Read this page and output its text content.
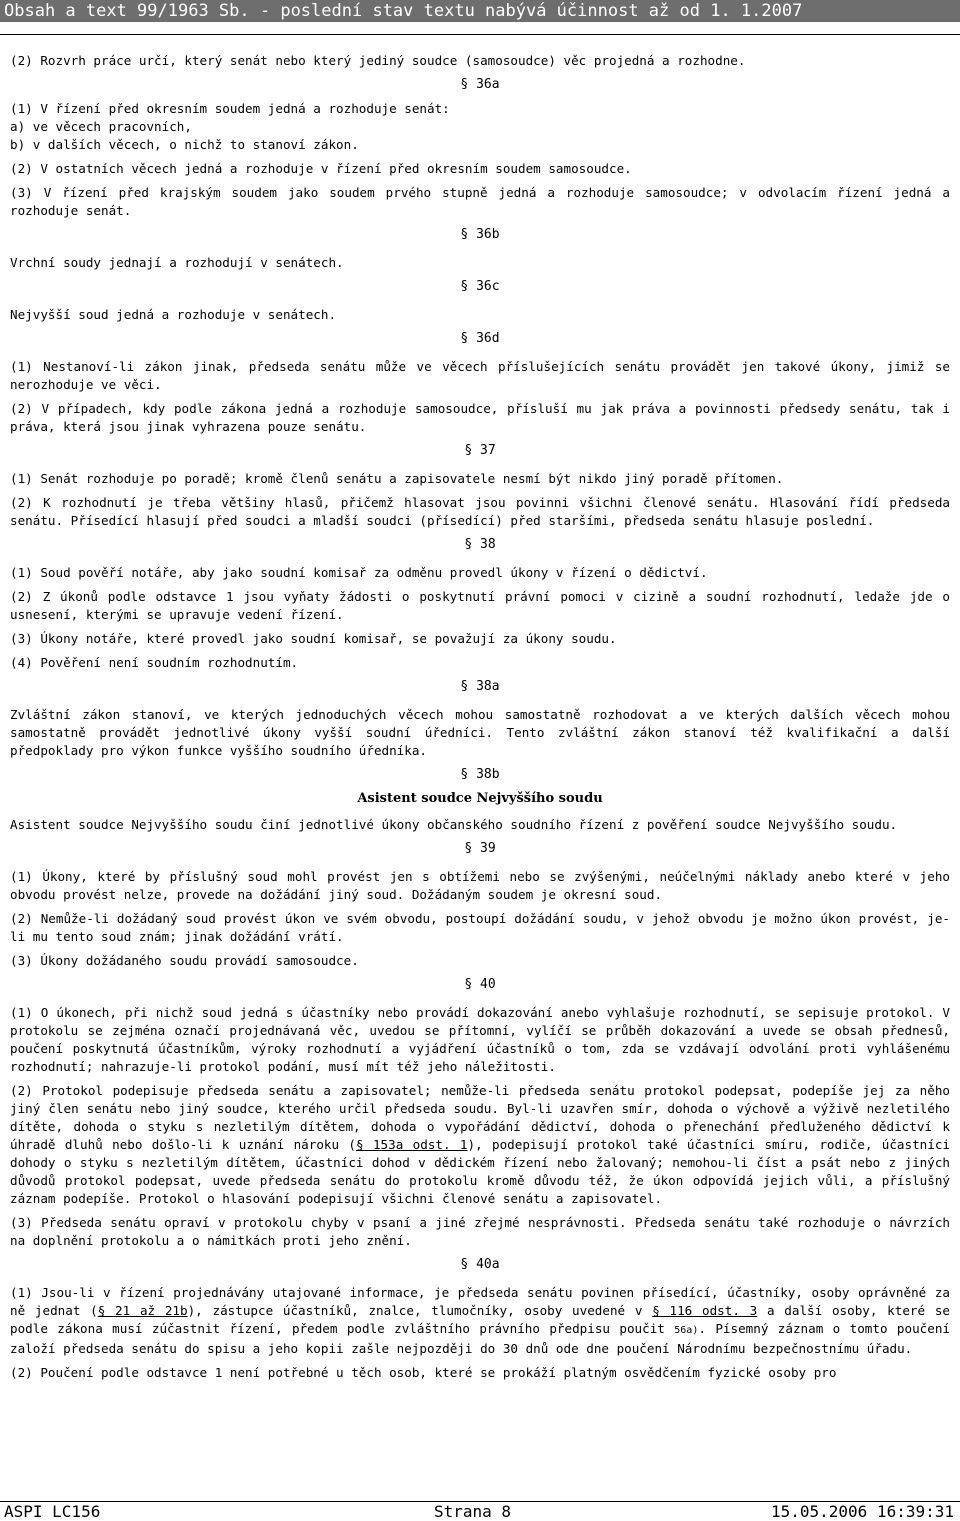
Obsah a text 99/1963 Sb. - poslední stav textu nabývá účinnost až od 1. 1.2007

(2) Rozvrh práce určí, který senát nebo který jediný soudce (samosoudce) věc projedná a rozhodne.

§ 36a

(1) V řízení před okresním soudem jedná a rozhoduje senát:

a) ve věcech pracovních,

b) v dalších věcech, o nichž to stanoví zákon.

(2) V ostatních věcech jedná a rozhoduje v řízení před okresním soudem samosoudce.

(3) V řízení před krajským soudem jako soudem prvého stupně jedná a rozhoduje samosoudce; v odvolacím řízení jedná a rozhoduje senát.

§ 36b

Vrchní soudy jednají a rozhodují v senátech.

§ 36c

Nejvyšší soud jedná a rozhoduje v senátech.

§ 36d

(1) Nestanoví-li zákon jinak, předseda senátu může ve věcech příslušejících senátu provádět jen takové úkony, jimiž se nerozhoduje ve věci.

(2) V případech, kdy podle zákona jedná a rozhoduje samosoudce, přísluší mu jak práva a povinnosti předsedy senátu, tak i práva, která jsou jinak vyhrazena pouze senátu.

§ 37

(1) Senát rozhoduje po poradě; kromě členů senátu a zapisovatele nesmí být nikdo jiný poradě přítomen.

(2) K rozhodnutí je třeba většiny hlasů, přičemž hlasovat jsou povinni všichni členové senátu. Hlasování řídí předseda senátu. Přísedící hlasují před soudci a mladší soudci (přísedící) před staršími, předseda senátu hlasuje poslední.

§ 38

(1) Soud pověří notáře, aby jako soudní komisař za odměnu provedl úkony v řízení o dědictví.

(2) Z úkonů podle odstavce 1 jsou vyňaty žádosti o poskytnutí právní pomoci v cizině a soudní rozhodnutí, ledaže jde o usnesení, kterými se upravuje vedení řízení.

(3) Úkony notáře, které provedl jako soudní komisař, se považují za úkony soudu.

(4) Pověření není soudním rozhodnutím.

§ 38a

Zvláštní zákon stanoví, ve kterých jednoduchých věcech mohou samostatně rozhodovat a ve kterých dalších věcech mohou samostatně provádět jednotlivé úkony vyšší soudní úředníci. Tento zvláštní zákon stanoví též kvalifikační a další předpoklady pro výkon funkce vyššího soudního úředníka.

§ 38b
Asistent soudce Nejvyššího soudu

Asistent soudce Nejvyššího soudu činí jednotlivé úkony občanského soudního řízení z pověření soudce Nejvyššího soudu.

§ 39

(1) Úkony, které by příslušný soud mohl provést jen s obtížemi nebo se zvýšenými, neúčelnými náklady anebo které v jeho obvodu provést nelze, provede na dožádání jiný soud. Dožádaným soudem je okresní soud.

(2) Nemůže-li dožádaný soud provést úkon ve svém obvodu, postoupí dožádání soudu, v jehož obvodu je možno úkon provést, je-li mu tento soud znám; jinak dožádání vrátí.

(3) Úkony dožádaného soudu provádí samosoudce.

§ 40

(1) O úkonech, při nichž soud jedná s účastníky nebo provádí dokazování anebo vyhlašuje rozhodnutí, se sepisuje protokol. V protokolu se zejména označí projednávaná věc, uvedou se přítomní, vylíčí se průběh dokazování a uvede se obsah přednesů, poučení poskytnutá účastníkům, výroky rozhodnutí a vyjádření účastníků o tom, zda se vzdávají odvolání proti vyhlášenému rozhodnutí; nahrazuje-li protokol podání, musí mít též jeho náležitosti.

(2) Protokol podepisuje předseda senátu a zapisovatel; nemůže-li předseda senátu protokol podepsat, podepíše jej za něho jiný člen senátu nebo jiný soudce, kterého určil předseda soudu. Byl-li uzavřen smír, dohoda o výchově a výživě nezletilého dítěte, dohoda o styku s nezletilým dítětem, dohoda o vypořádání dědictví, dohoda o přenechání předluženého dědictví k úhradě dluhů nebo došlo-li k uznání nároku (§ 153a odst. 1), podepisují protokol také účastníci smíru, rodiče, účastníci dohody o styku s nezletilým dítětem, účastníci dohod v dědickém řízení nebo žalovaný; nemohou-li číst a psát nebo z jiných důvodů protokol podepsat, uvede předseda senátu do protokolu kromě důvodu též, že úkon odpovídá jejich vůli, a příslušný záznam podepíše. Protokol o hlasování podepisují všichni členové senátu a zapisovatel.

(3) Předseda senátu opraví v protokolu chyby v psaní a jiné zřejmé nesprávnosti. Předseda senátu také rozhoduje o návrzích na doplnění protokolu a o námitkách proti jeho znění.

§ 40a

(1) Jsou-li v řízení projednávány utajované informace, je předseda senátu povinen přísedící, účastníky, osoby oprávněné za ně jednat (§ 21 až 21b), zástupce účastníků, znalce, tlumočníky, osoby uvedené v § 116 odst. 3 a další osoby, které se podle zákona musí zúčastnit řízení, předem podle zvláštního právního předpisu poučit 56a). Písemný záznam o tomto poučení založí předseda senátu do spisu a jeho kopii zašle nejpozději do 30 dnů ode dne poučení Národnímu bezpečnostnímu úřadu.

(2) Poučení podle odstavce 1 není potřebné u těch osob, které se prokáží platným osvědčením fyzické osoby pro

ASPI LC156	Strana 8	15.05.2006 16:39:31
